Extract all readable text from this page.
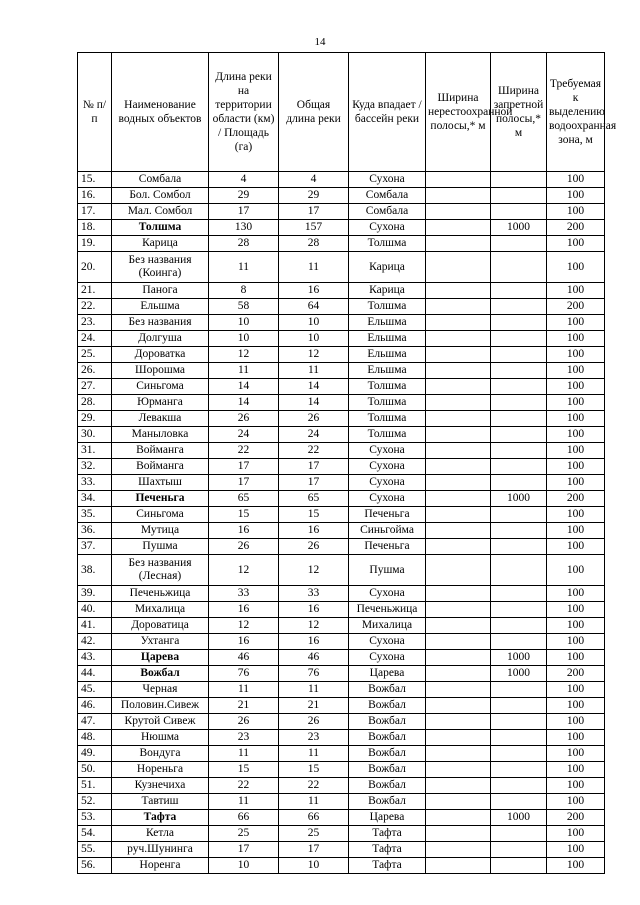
14
№ п/п	Наименование водных объектов	Длина реки на территории области (км) / Площадь (га)	Общая длина реки	Куда впадает / бассейн реки	Ширина нерестоохранной полосы,* м	Ширина запретной полосы,* м	Требуемая к выделению водоохранная зона, м
15.	Сомбала	4	4	Сухона			100
16.	Бол. Сомбол	29	29	Сомбала			100
17.	Мал. Сомбол	17	17	Сомбала			100
18.	Толшма	130	157	Сухона		1000	200
19.	Карица	28	28	Толшма			100
20.	Без названия (Коинга)	11	11	Карица			100
21.	Панога	8	16	Карица			100
22.	Ельшма	58	64	Толшма			200
23.	Без названия	10	10	Ельшма			100
24.	Долгуша	10	10	Ельшма			100
25.	Дороватка	12	12	Ельшма			100
26.	Шорошма	11	11	Ельшма			100
27.	Синьгома	14	14	Толшма			100
28.	Юрманга	14	14	Толшма			100
29.	Левакша	26	26	Толшма			100
30.	Маныловка	24	24	Толшма			100
31.	Воймангa	22	22	Сухона			100
32.	Воймангa	17	17	Сухона			100
33.	Шахтыш	17	17	Сухона			100
34.	Печеньга	65	65	Сухона		1000	200
35.	Синьгома	15	15	Печеньга			100
36.	Мутица	16	16	Синьгойма			100
37.	Пушма	26	26	Печеньга			100
38.	Без названия (Лесная)	12	12	Пушма			100
39.	Печеньжица	33	33	Сухона			100
40.	Михалица	16	16	Печеньжица			100
41.	Дороватица	12	12	Михалица			100
42.	Ухтанга	16	16	Сухона			100
43.	Царева	46	46	Сухона		1000	100
44.	Вожбал	76	76	Царева		1000	200
45.	Черная	11	11	Вожбал			100
46.	Половин.Сивеж	21	21	Вожбал			100
47.	Крутой Сивеж	26	26	Вожбал			100
48.	Нюшма	23	23	Вожбал			100
49.	Вондуга	11	11	Вожбал			100
50.	Норeньга	15	15	Вожбал			100
51.	Кузнечиха	22	22	Вожбал			100
52.	Тавтиш	11	11	Вожбал			100
53.	Тафта	66	66	Царева		1000	200
54.	Кетла	25	25	Тафта			100
55.	руч.Шунинга	17	17	Тафта			100
56.	Норенга	10	10	Тафта			100
